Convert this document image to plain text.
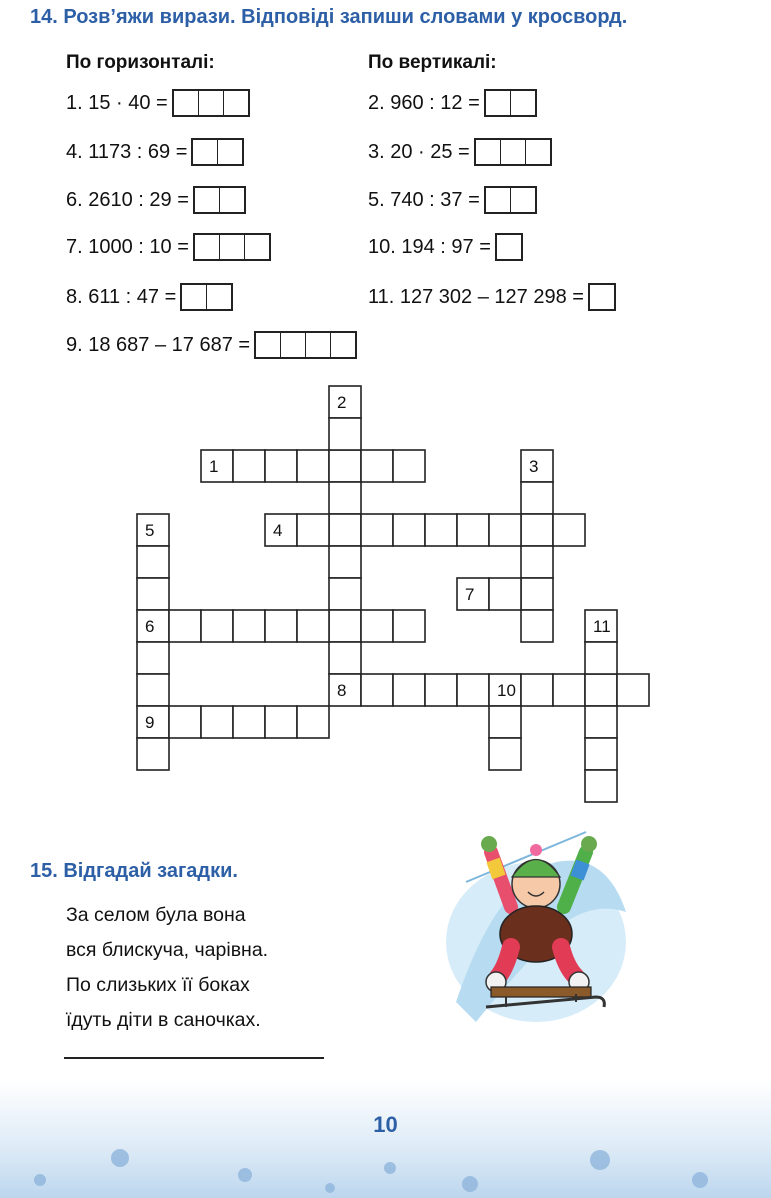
14. Розв’яжи вирази. Відповіді запиши словами у кросворд.
По горизонталі:	По вертикалі:
1. 15 · 40 =
4. 1173 : 69 =
6. 2610 : 29 =
7. 1000 : 10 =
8. 611 : 47 =
9. 18 687 – 17 687 =
2. 960 : 12 =
3. 20 · 25 =
5. 740 : 37 =
10. 194 : 97 =
11. 127 302 – 127 298 =
1
2
3
4
5
6
7
8
9
10
11
15. Відгадай загадки.
За селом була вона
вся блискуча, чарівна.
По слизьких її боках
їдуть діти в саночках.
10
